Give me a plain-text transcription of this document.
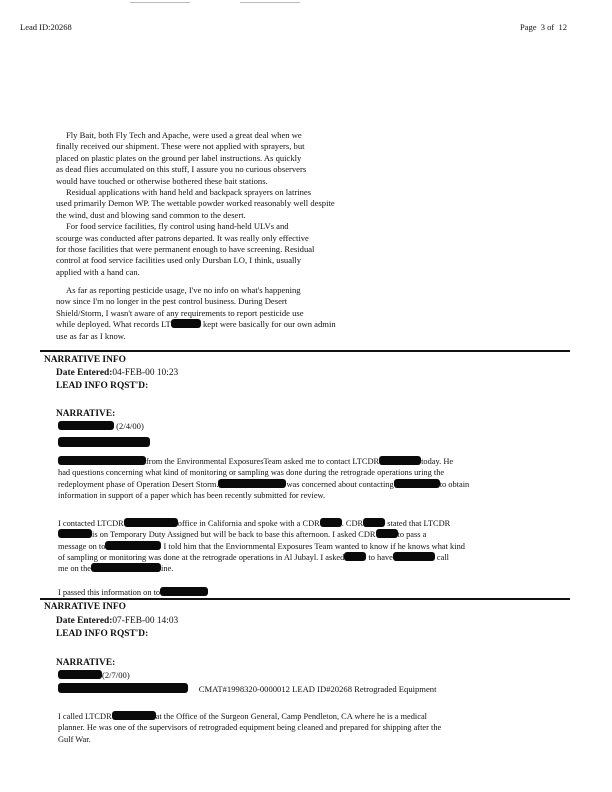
Lead ID:20268	Page 3 of 12
Fly Bait, both Fly Tech and Apache, were used a great deal when we
finally received our shipment. These were not applied with sprayers, but
placed on plastic plates on the ground per label instructions. As quickly
as dead flies accumulated on this stuff, I assure you no curious observers
would have touched or otherwise bothered these bait stations.
Residual applications with hand held and backpack sprayers on latrines
used primarily Demon WP. The wettable powder worked reasonably well despite
the wind, dust and blowing sand common to the desert.
For food service facilities, fly control using hand-held ULVs and
scourge was conducted after patrons departed. It was really only effective
for those facilities that were permanent enough to have screening. Residual
control at food service facilities used only Dursban LO, I think, usually
applied with a hand can.
As far as reporting pesticide usage, I've no info on what's happening
now since I'm no longer in the pest control business. During Desert
Shield/Storm, I wasn't aware of any requirements to report pesticide use
while deployed. What records LT	kept were basically for our own admin
use as far as I know.
NARRATIVE INFO
Date Entered:04-FEB-00 10:23
LEAD INFO RQST'D:
NARRATIVE:
(2/4/00)
from the Environmental ExposuresTeam asked me to contact LTCDR	today. He
had questions concerning what kind of monitoring or sampling was done during the retrograde operations uring the
redeployment phase of Operation Desert Storm.	was concerned about contacting	to obtain
information in support of a paper which has been recently submitted for review.
I contacted LTCDR	office in California and spoke with a CDR	. CDR	stated that LTCDR
is on Temporary Duty Assigned but will be back to base this afternoon. I asked CDR	to pass a
message on to	I told him that the Enviornmental Exposures Team wanted to know if he knows what kind
of sampling or monitoring was done at the retrograde operations in Al Jubayl. I asked	to have	call
me on the	ine.
I passed this information on to
NARRATIVE INFO
Date Entered:07-FEB-00 14:03
LEAD INFO RQST'D:
NARRATIVE:
(2/7/00)
CMAT#1998320-0000012 LEAD ID#20268 Retrograded Equipment
I called LTCDR	at the Office of the Surgeon General, Camp Pendleton, CA where he is a medical
planner. He was one of the supervisors of retrograded equipment being cleaned and prepared for shipping after the
Gulf War.
